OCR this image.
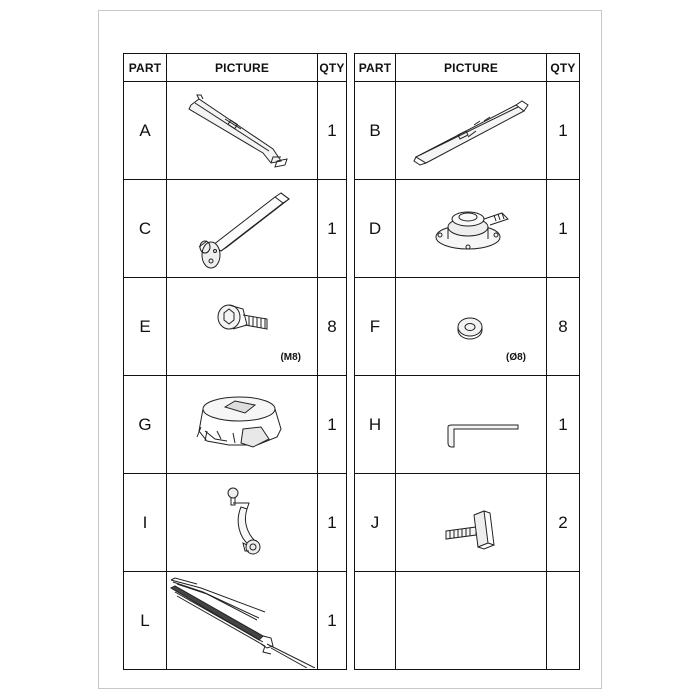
PART	PICTURE	QTY
A		1
C		1
E	(M8)	8
G		1
I		1
L		1
PART	PICTURE	QTY
B		1
D		1
F	(Ø8)	8
H		1
J		2
